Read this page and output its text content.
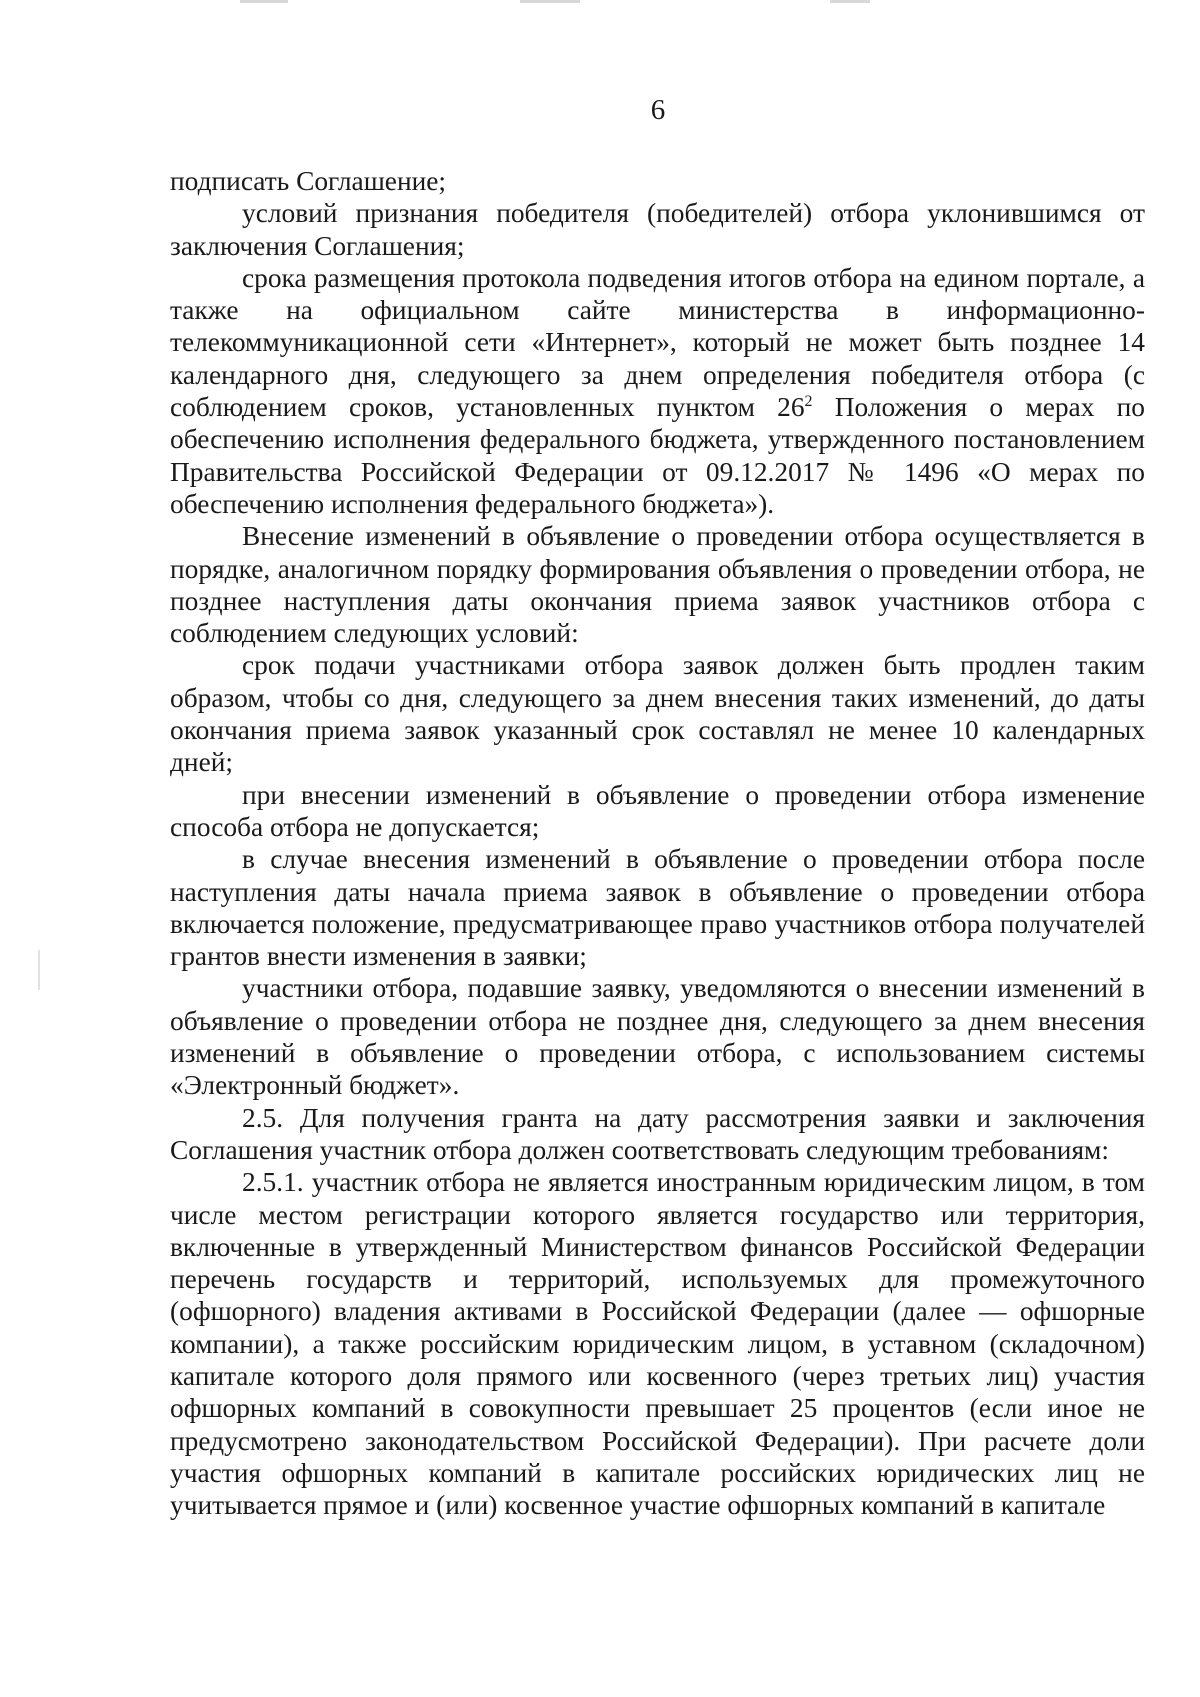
6

подписать Соглашение;

условий признания победителя (победителей) отбора уклонившимся от заключения Соглашения;

срока размещения протокола подведения итогов отбора на едином портале, а также на официальном сайте министерства в информационно-телекоммуникационной сети «Интернет», который не может быть позднее 14 календарного дня, следующего за днем определения победителя отбора (с соблюдением сроков, установленных пунктом $26^2$ Положения о мерах по обеспечению исполнения федерального бюджета, утвержденного постановлением Правительства Российской Федерации от 09.12.2017 № 1496 «О мерах по обеспечению исполнения федерального бюджета»).

Внесение изменений в объявление о проведении отбора осуществляется в порядке, аналогичном порядку формирования объявления о проведении отбора, не позднее наступления даты окончания приема заявок участников отбора с соблюдением следующих условий:

срок подачи участниками отбора заявок должен быть продлен таким образом, чтобы со дня, следующего за днем внесения таких изменений, до даты окончания приема заявок указанный срок составлял не менее 10 календарных дней;

при внесении изменений в объявление о проведении отбора изменение способа отбора не допускается;

в случае внесения изменений в объявление о проведении отбора после наступления даты начала приема заявок в объявление о проведении отбора включается положение, предусматривающее право участников отбора получателей грантов внести изменения в заявки;

участники отбора, подавшие заявку, уведомляются о внесении изменений в объявление о проведении отбора не позднее дня, следующего за днем внесения изменений в объявление о проведении отбора, с использованием системы «Электронный бюджет».

2.5. Для получения гранта на дату рассмотрения заявки и заключения Соглашения участник отбора должен соответствовать следующим требованиям:

2.5.1. участник отбора не является иностранным юридическим лицом, в том числе местом регистрации которого является государство или территория, включенные в утвержденный Министерством финансов Российской Федерации перечень государств и территорий, используемых для промежуточного (офшорного) владения активами в Российской Федерации (далее — офшорные компании), а также российским юридическим лицом, в уставном (складочном) капитале которого доля прямого или косвенного (через третьих лиц) участия офшорных компаний в совокупности превышает 25 процентов (если иное не предусмотрено законодательством Российской Федерации). При расчете доли участия офшорных компаний в капитале российских юридических лиц не учитывается прямое и (или) косвенное участие офшорных компаний в капитале
